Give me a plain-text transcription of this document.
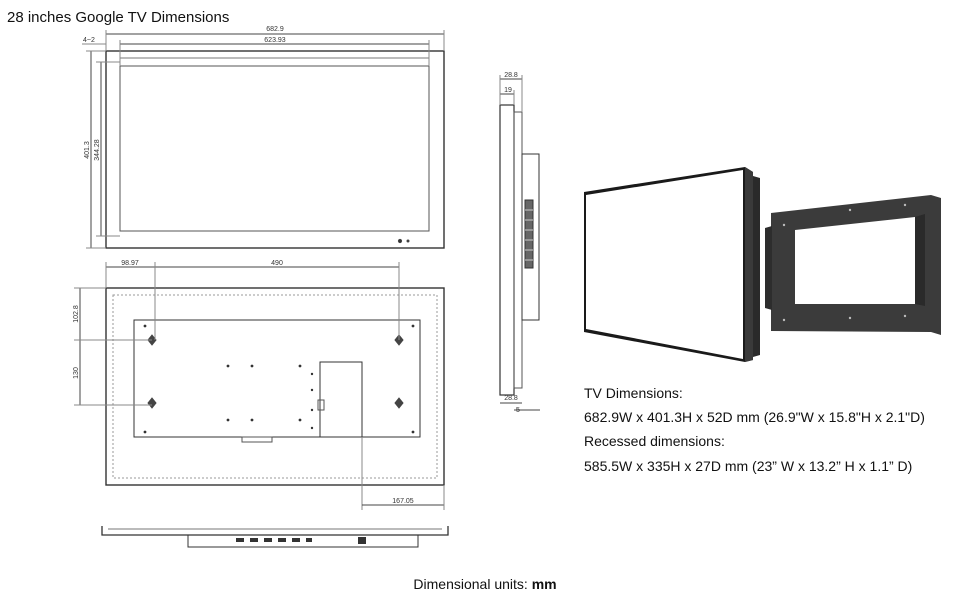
28 inches Google TV Dimensions
682.9
623.93
4~2
401.3 344.28
98.97	490
102.8
130
167.05
28.8
19
28.8
5
TV Dimensions:
682.9W x 401.3H x 52D mm (26.9"W x 15.8"H x 2.1"D)
Recessed dimensions:
585.5W x 335H x 27D mm (23” W x 13.2” H x 1.1” D)
Dimensional units: mm
